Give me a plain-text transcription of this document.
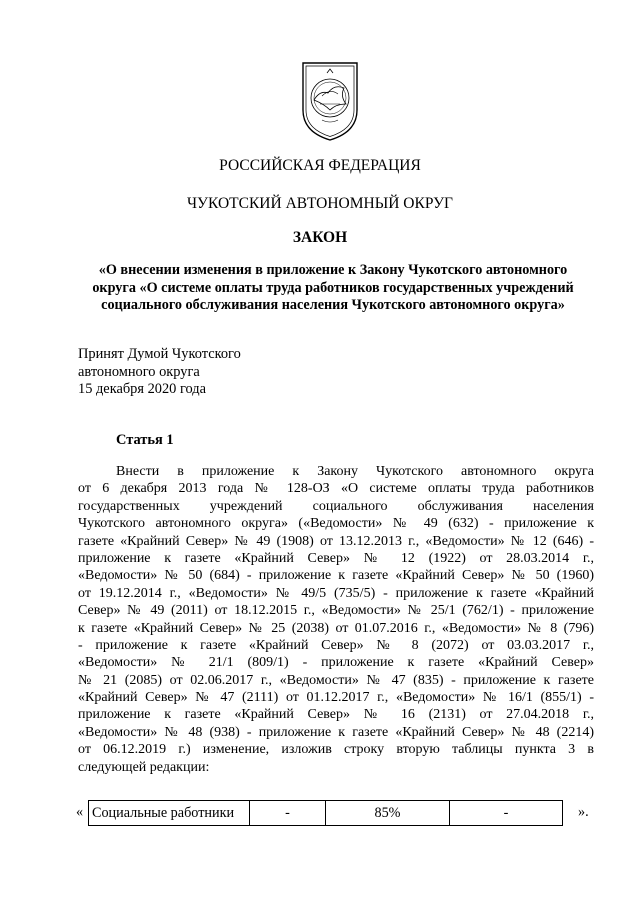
РОССИЙСКАЯ ФЕДЕРАЦИЯ
ЧУКОТСКИЙ АВТОНОМНЫЙ ОКРУГ
ЗАКОН
«О внесении изменения в приложение к Закону Чукотского автономного
округа «О системе оплаты труда работников государственных учреждений
социального обслуживания населения Чукотского автономного округа»
Принят Думой Чукотского
автономного округа
15 декабря 2020 года
Статья 1
Внести в приложение к Закону Чукотского автономного округа
от 6 декабря 2013 года № 128-ОЗ «О системе оплаты труда работников
государственных учреждений социального обслуживания населения
Чукотского автономного округа» («Ведомости» № 49 (632) - приложение к
газете «Крайний Север» № 49 (1908) от 13.12.2013 г., «Ведомости» № 12 (646) -
приложение к газете «Крайний Север» № 12 (1922) от 28.03.2014 г.,
«Ведомости» № 50 (684) - приложение к газете «Крайний Север» № 50 (1960)
от 19.12.2014 г., «Ведомости» № 49/5 (735/5) - приложение к газете «Крайний
Север» № 49 (2011) от 18.12.2015 г., «Ведомости» № 25/1 (762/1) - приложение
к газете «Крайний Север» № 25 (2038) от 01.07.2016 г., «Ведомости» № 8 (796)
- приложение к газете «Крайний Север» № 8 (2072) от 03.03.2017 г.,
«Ведомости» № 21/1 (809/1) - приложение к газете «Крайний Север»
№ 21 (2085) от 02.06.2017 г., «Ведомости» № 47 (835) - приложение к газете
«Крайний Север» № 47 (2111) от 01.12.2017 г., «Ведомости» № 16/1 (855/1) -
приложение к газете «Крайний Север» № 16 (2131) от 27.04.2018 г.,
«Ведомости» № 48 (938) - приложение к газете «Крайний Север» № 48 (2214)
от 06.12.2019 г.) изменение, изложив строку вторую таблицы пункта 3 в
следующей редакции:
« Социальные работники	-	85%	-	».
